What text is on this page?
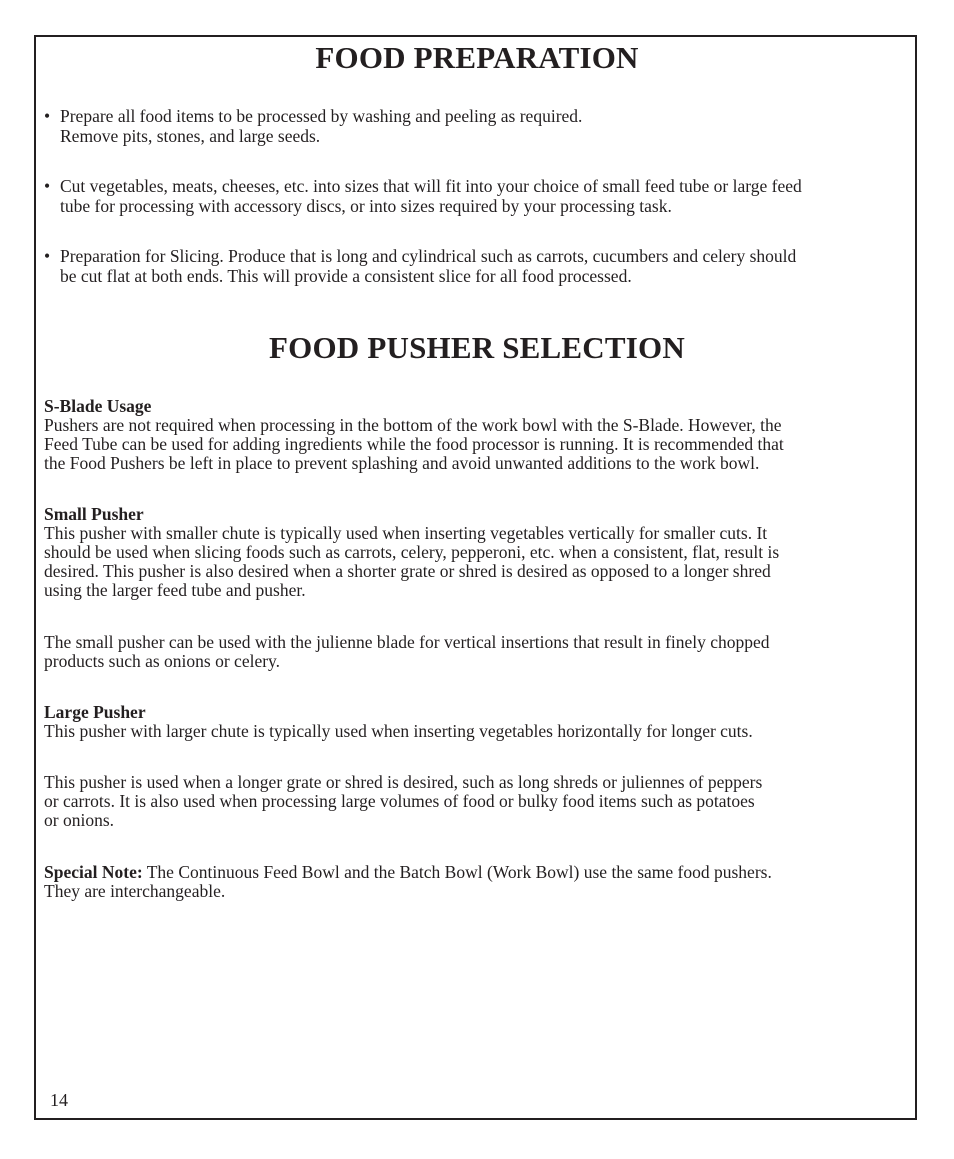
FOOD PREPARATION
• Prepare all food items to be processed by washing and peeling as required.
Remove pits, stones, and large seeds.
• Cut vegetables, meats, cheeses, etc. into sizes that will fit into your choice of small feed tube or large feed
tube for processing with accessory discs, or into sizes required by your processing task.
• Preparation for Slicing. Produce that is long and cylindrical such as carrots, cucumbers and celery should
be cut flat at both ends. This will provide a consistent slice for all food processed.
FOOD PUSHER SELECTION
S-Blade Usage
Pushers are not required when processing in the bottom of the work bowl with the S-Blade. However, the
Feed Tube can be used for adding ingredients while the food processor is running. It is recommended that
the Food Pushers be left in place to prevent splashing and avoid unwanted additions to the work bowl.
Small Pusher
This pusher with smaller chute is typically used when inserting vegetables vertically for smaller cuts. It
should be used when slicing foods such as carrots, celery, pepperoni, etc. when a consistent, flat, result is
desired. This pusher is also desired when a shorter grate or shred is desired as opposed to a longer shred
using the larger feed tube and pusher.
The small pusher can be used with the julienne blade for vertical insertions that result in finely chopped
products such as onions or celery.
Large Pusher
This pusher with larger chute is typically used when inserting vegetables horizontally for longer cuts.
This pusher is used when a longer grate or shred is desired, such as long shreds or juliennes of peppers
or carrots. It is also used when processing large volumes of food or bulky food items such as potatoes
or onions.
Special Note: The Continuous Feed Bowl and the Batch Bowl (Work Bowl) use the same food pushers.
They are interchangeable.
14
